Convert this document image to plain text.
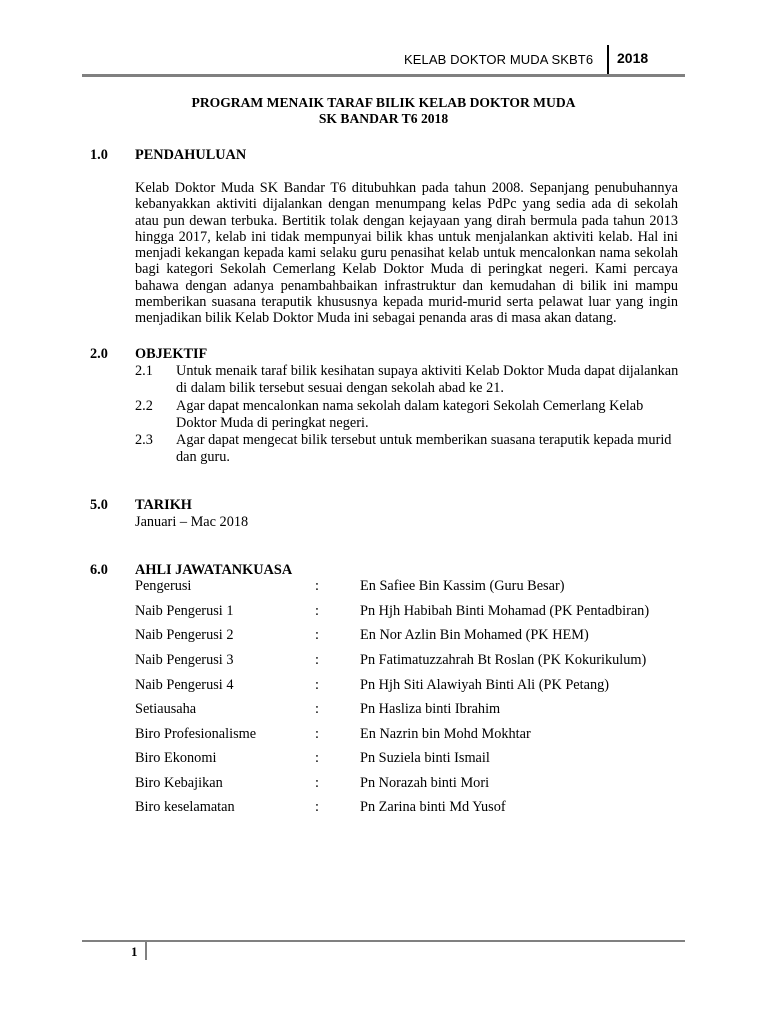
KELAB DOKTOR MUDA SKBT6 2018
PROGRAM MENAIK TARAF BILIK KELAB DOKTOR MUDA
SK BANDAR T6 2018
1.0 PENDAHULUAN

Kelab Doktor Muda SK Bandar T6 ditubuhkan pada tahun 2008. Sepanjang penubuhannya kebanyakkan aktiviti dijalankan dengan menumpang kelas PdPc yang sedia ada di sekolah atau pun dewan terbuka. Bertitik tolak dengan kejayaan yang dirah bermula pada tahun 2013 hingga 2017, kelab ini tidak mempunyai bilik khas untuk menjalankan aktiviti kelab. Hal ini menjadi kekangan kepada kami selaku guru penasihat kelab untuk mencalonkan nama sekolah bagi kategori Sekolah Cemerlang Kelab Doktor Muda di peringkat negeri. Kami percaya bahawa dengan adanya penambahbaikan infrastruktur dan kemudahan di bilik ini mampu memberikan suasana teraputik khususnya kepada murid-murid serta pelawat luar yang ingin menjadikan bilik Kelab Doktor Muda ini sebagai penanda aras di masa akan datang.

2.0 OBJEKTIF
2.1 Untuk menaik taraf bilik kesihatan supaya aktiviti Kelab Doktor Muda dapat dijalankan di dalam bilik tersebut sesuai dengan sekolah abad ke 21.

2.2 Agar dapat mencalonkan nama sekolah dalam kategori Sekolah Cemerlang Kelab Doktor Muda di peringkat negeri.

2.3 Agar dapat mengecat bilik tersebut untuk memberikan suasana teraputik kepada murid dan guru.

5.0 TARIKH
Januari – Mac 2018
6.0 AHLI JAWATANKUASA
Pengerusi	:	En Safiee Bin Kassim (Guru Besar)
Naib Pengerusi 1	:	Pn Hjh Habibah Binti Mohamad (PK Pentadbiran)
Naib Pengerusi 2	:	En Nor Azlin Bin Mohamed (PK HEM)
Naib Pengerusi 3	:	Pn Fatimatuzzahrah Bt Roslan (PK Kokurikulum)
Naib Pengerusi 4	:	Pn Hjh Siti Alawiyah Binti Ali (PK Petang)
Setiausaha	:	Pn Hasliza binti Ibrahim
Biro Profesionalisme	:	En Nazrin bin Mohd Mokhtar
Biro Ekonomi	:	Pn Suziela binti Ismail
Biro Kebajikan	:	Pn Norazah binti Mori
Biro keselamatan	:	Pn Zarina binti Md Yusof
1
